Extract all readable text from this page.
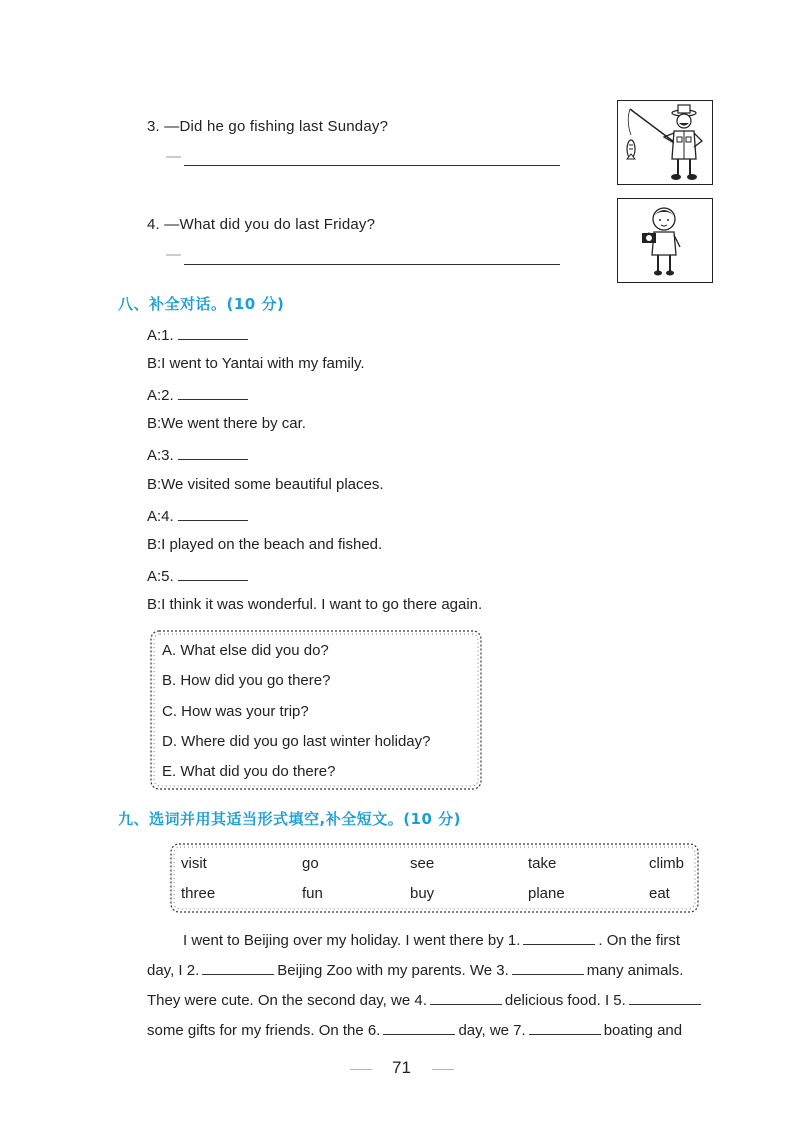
3. —Did he go fishing last Sunday?
—
4. —What did you do last Friday?
—
八、补全对话。(10 分)
A:1.
B:I went to Yantai with my family.
A:2.
B:We went there by car.
A:3.
B:We visited some beautiful places.
A:4.
B:I played on the beach and fished.
A:5.
B:I think it was wonderful. I want to go there again.
A. What else did you do?
B. How did you go there?
C. How was your trip?
D. Where did you go last winter holiday?
E. What did you do there?
九、选词并用其适当形式填空,补全短文。(10 分)
visit	go	see	take	climb
three	fun	buy	plane	eat
I went to Beijing over my holiday. I went there by 1.	. On the first
day, I 2.	Beijing Zoo with my parents. We 3.	many animals.
They were cute. On the second day, we 4.	delicious food. I 5.
some gifts for my friends. On the 6.	day, we 7.	boating and
71
